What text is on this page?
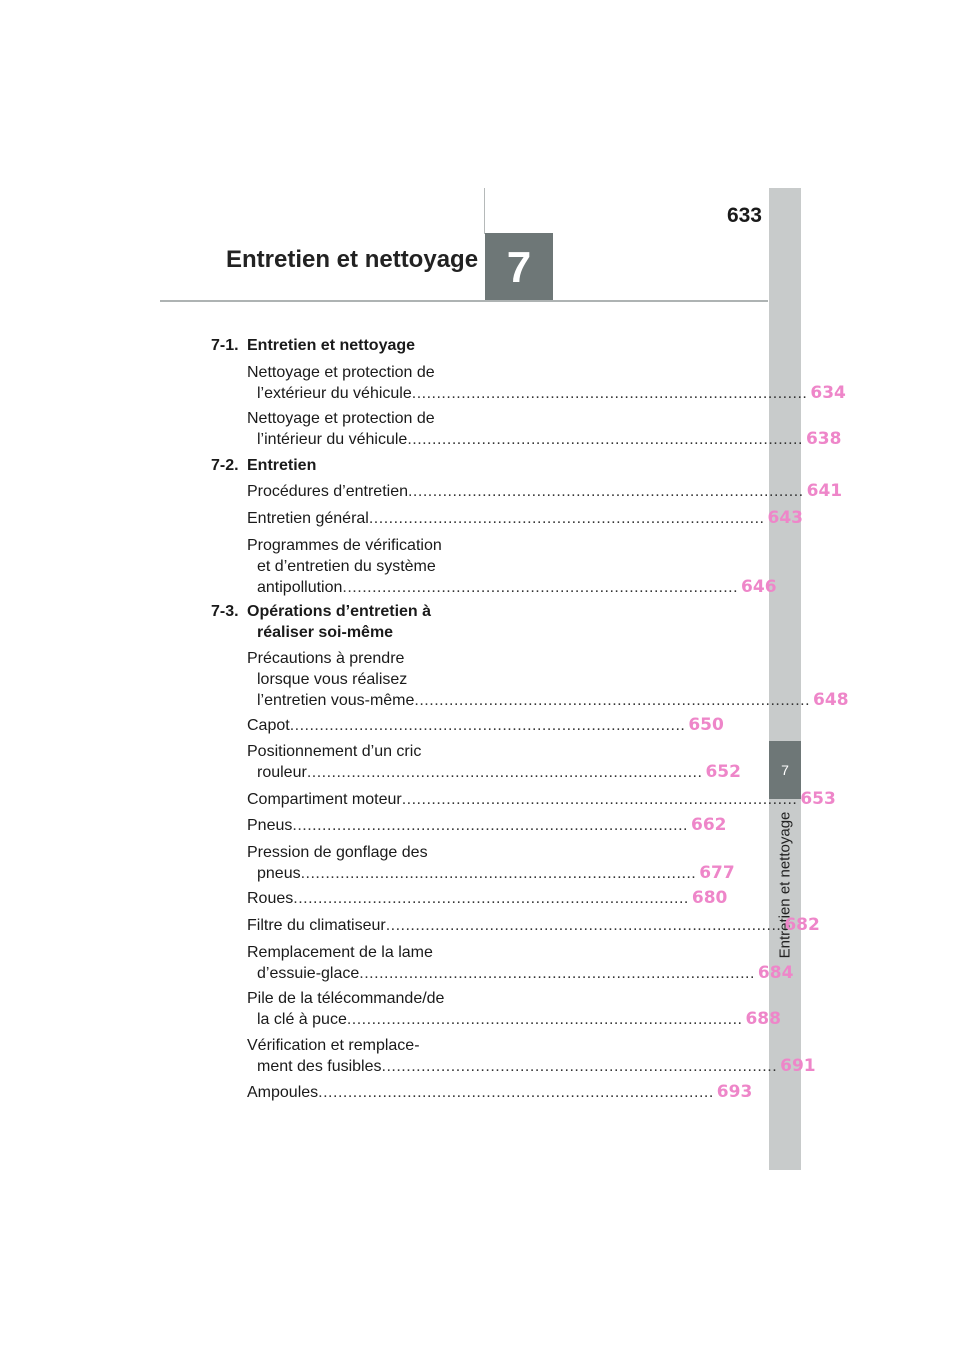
633
Entretien et nettoyage 7
7
Entretien et nettoyage
7-1. Entretien et nettoyage
Nettoyage et protection de
l’extérieur du véhicule ................................................................................ 634
Nettoyage et protection de
l’intérieur du véhicule ................................................................................ 638
7-2. Entretien
Procédures d’entretien ................................................................................ 641
Entretien général ................................................................................ 643
Programmes de vérification
et d’entretien du système
antipollution ................................................................................ 646
7-3. Opérations d’entretien à
réaliser soi-même
Précautions à prendre
lorsque vous réalisez
l’entretien vous-même ................................................................................ 648
Capot ................................................................................ 650
Positionnement d’un cric
rouleur ................................................................................ 652
Compartiment moteur ................................................................................ 653
Pneus ................................................................................ 662
Pression de gonflage des
pneus ................................................................................ 677
Roues ................................................................................ 680
Filtre du climatiseur ................................................................................ 682
Remplacement de la lame
d’essuie-glace ................................................................................ 684
Pile de la télécommande/de
la clé à puce ................................................................................ 688
Vérification et remplace-
ment des fusibles ................................................................................ 691
Ampoules ................................................................................ 693
